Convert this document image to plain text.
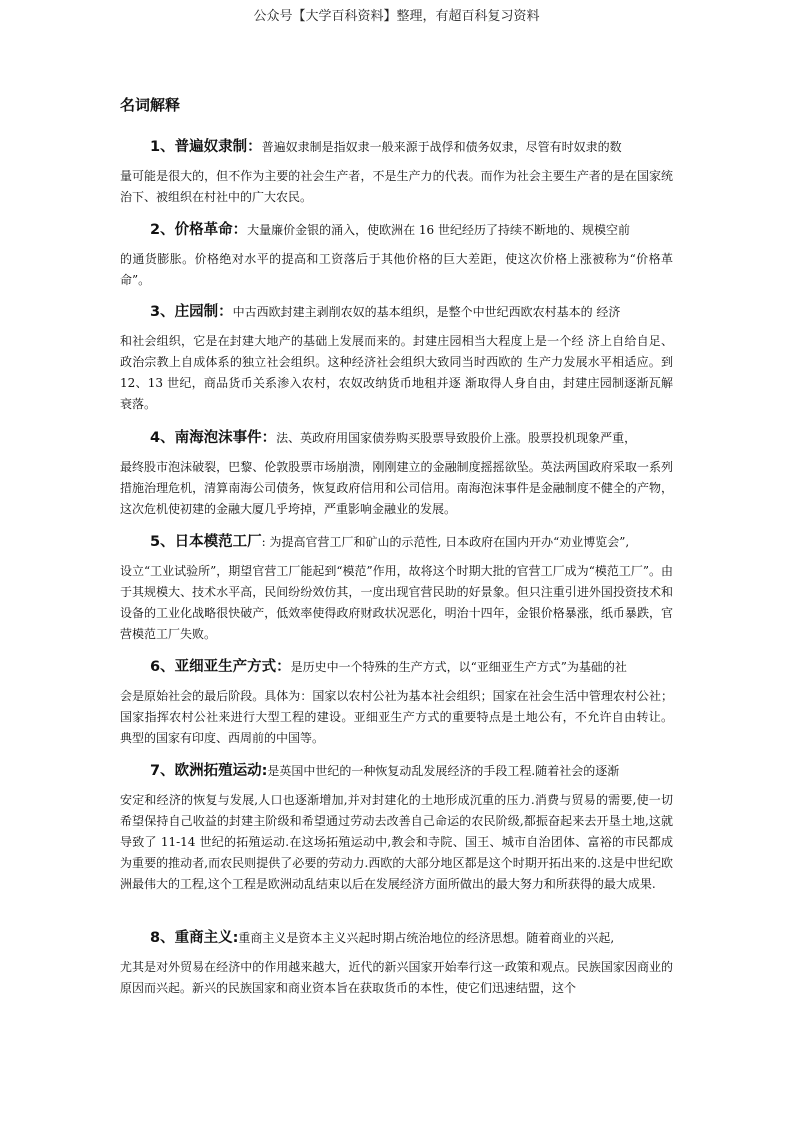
公众号【大学百科资料】整理，有超百科复习资料
名词解释
1、普遍奴隶制：普遍奴隶制是指奴隶一般来源于战俘和债务奴隶，尽管有时奴隶的数
量可能是很大的，但不作为主要的社会生产者，不是生产力的代表。而作为社会主要生产者的是在国家统治下、被组织在村社中的广大农民。
2、价格革命：大量廉价金银的涌入，使欧洲在 16 世纪经历了持续不断地的、规模空前
的通货膨胀。价格绝对水平的提高和工资落后于其他价格的巨大差距，使这次价格上涨被称为“价格革命”。
3、庄园制：中古西欧封建主剥削农奴的基本组织，是整个中世纪西欧农村基本的 经济
和社会组织，它是在封建大地产的基础上发展而来的。封建庄园相当大程度上是一个经 济上自给自足、政治宗教上自成体系的独立社会组织。这种经济社会组织大致同当时西欧的 生产力发展水平相适应。到 12、13 世纪，商品货币关系渗入农村，农奴改纳货币地租并逐 渐取得人身自由，封建庄园制逐渐瓦解衰落。
4、南海泡沫事件：法、英政府用国家债券购买股票导致股价上涨。股票投机现象严重，
最终股市泡沫破裂，巴黎、伦敦股票市场崩溃，刚刚建立的金融制度摇摇欲坠。英法两国政府采取一系列措施治理危机，清算南海公司债务，恢复政府信用和公司信用。南海泡沫事件是金融制度不健全的产物，这次危机使初建的金融大厦几乎垮掉，严重影响金融业的发展。
5、日本模范工厂: 为提高官营工厂和矿山的示范性, 日本政府在国内开办“劝业博览会”,
设立“工业试验所”，期望官营工厂能起到“模范”作用，故将这个时期大批的官营工厂成为“模范工厂”。由于其规模大、技术水平高，民间纷纷效仿其，一度出现官营民助的好景象。但只注重引进外国投资技术和设备的工业化战略很快破产，低效率使得政府财政状况恶化，明治十四年，金银价格暴涨，纸币暴跌，官营模范工厂失败。
6、亚细亚生产方式：是历史中一个特殊的生产方式，以“亚细亚生产方式”为基础的社
会是原始社会的最后阶段。具体为：国家以农村公社为基本社会组织；国家在社会生活中管理农村公社；国家指挥农村公社来进行大型工程的建设。亚细亚生产方式的重要特点是土地公有，不允许自由转让。 典型的国家有印度、西周前的中国等。
7、欧洲拓殖运动:是英国中世纪的一种恢复动乱发展经济的手段工程.随着社会的逐渐
安定和经济的恢复与发展,人口也逐渐增加,并对封建化的土地形成沉重的压力.消费与贸易的需要,使一切希望保持自己收益的封建主阶级和希望通过劳动去改善自己命运的农民阶级,都振奋起来去开垦土地,这就导致了 11-14 世纪的拓殖运动.在这场拓殖运动中,教会和寺院、国王、城市自治团体、富裕的市民都成为重要的推动者,而农民则提供了必要的劳动力.西欧的大部分地区都是这个时期开拓出来的.这是中世纪欧洲最伟大的工程,这个工程是欧洲动乱结束以后在发展经济方面所做出的最大努力和所获得的最大成果.
8、重商主义:重商主义是资本主义兴起时期占统治地位的经济思想。随着商业的兴起,
尤其是对外贸易在经济中的作用越来越大，近代的新兴国家开始奉行这一政策和观点。民族国家因商业的原因而兴起。新兴的民族国家和商业资本旨在获取货币的本性，使它们迅速结盟，这个
